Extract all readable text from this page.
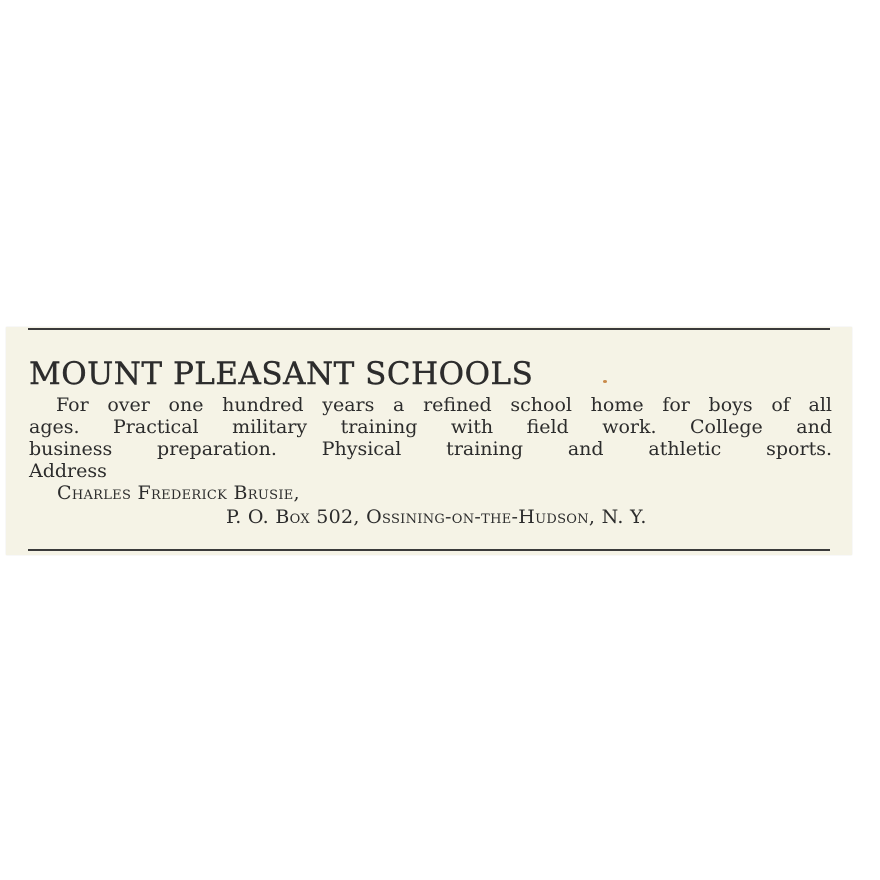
MOUNT PLEASANT SCHOOLS

For over one hundred years a refined school home for boys of all

ages. Practical military training with field work. College and

business preparation. Physical training and athletic sports.

Address

Charles Frederick Brusie,

P. O. Box 502, Ossining-on-the-Hudson, N. Y.
